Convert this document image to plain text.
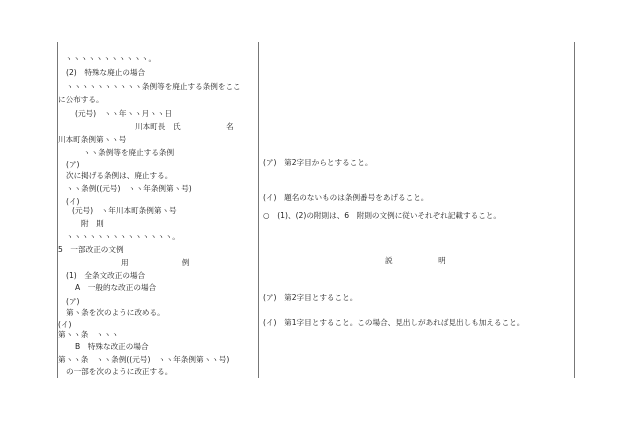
ヽヽヽヽヽヽヽヽヽヽヽ。
(2)　特殊な廃止の場合
ヽヽヽヽヽヽヽヽヽヽ条例等を廃止する条例をここ
に公布する。
(元号)　ヽヽ年ヽヽ月ヽヽ日
川本町長　氏　　　　　　名
川本町条例第ヽヽ号
ヽヽ条例等を廃止する条例
(ア)
次に掲げる条例は、廃止する。
ヽヽ条例((元号)　ヽヽ年条例第ヽ号)
(イ)
(元号)　ヽ年川本町条例第ヽ号
附　則
ヽヽヽヽヽヽヽヽヽヽヽヽヽヽ。
5　一部改正の文例
用　　　　　　　例
(1)　全条文改正の場合
A　一般的な改正の場合
(ア)
第ヽ条を次のように改める。
(イ)
第ヽヽ条　ヽヽヽ
B　特殊な改正の場合
第ヽヽ条　ヽヽ条例((元号)　ヽヽ年条例第ヽヽ号)
の一部を次のように改正する。
(ア)　第2字目からとすること。
(イ)　題名のないものは条例番号をあげること。
○　(1)、(2)の附則は、6　附則の文例に従いそれぞれ記載すること。
説　　　　　　明
(ア)　第2字目とすること。
(イ)　第1字目とすること。この場合、見出しがあれば見出しも加えること。
